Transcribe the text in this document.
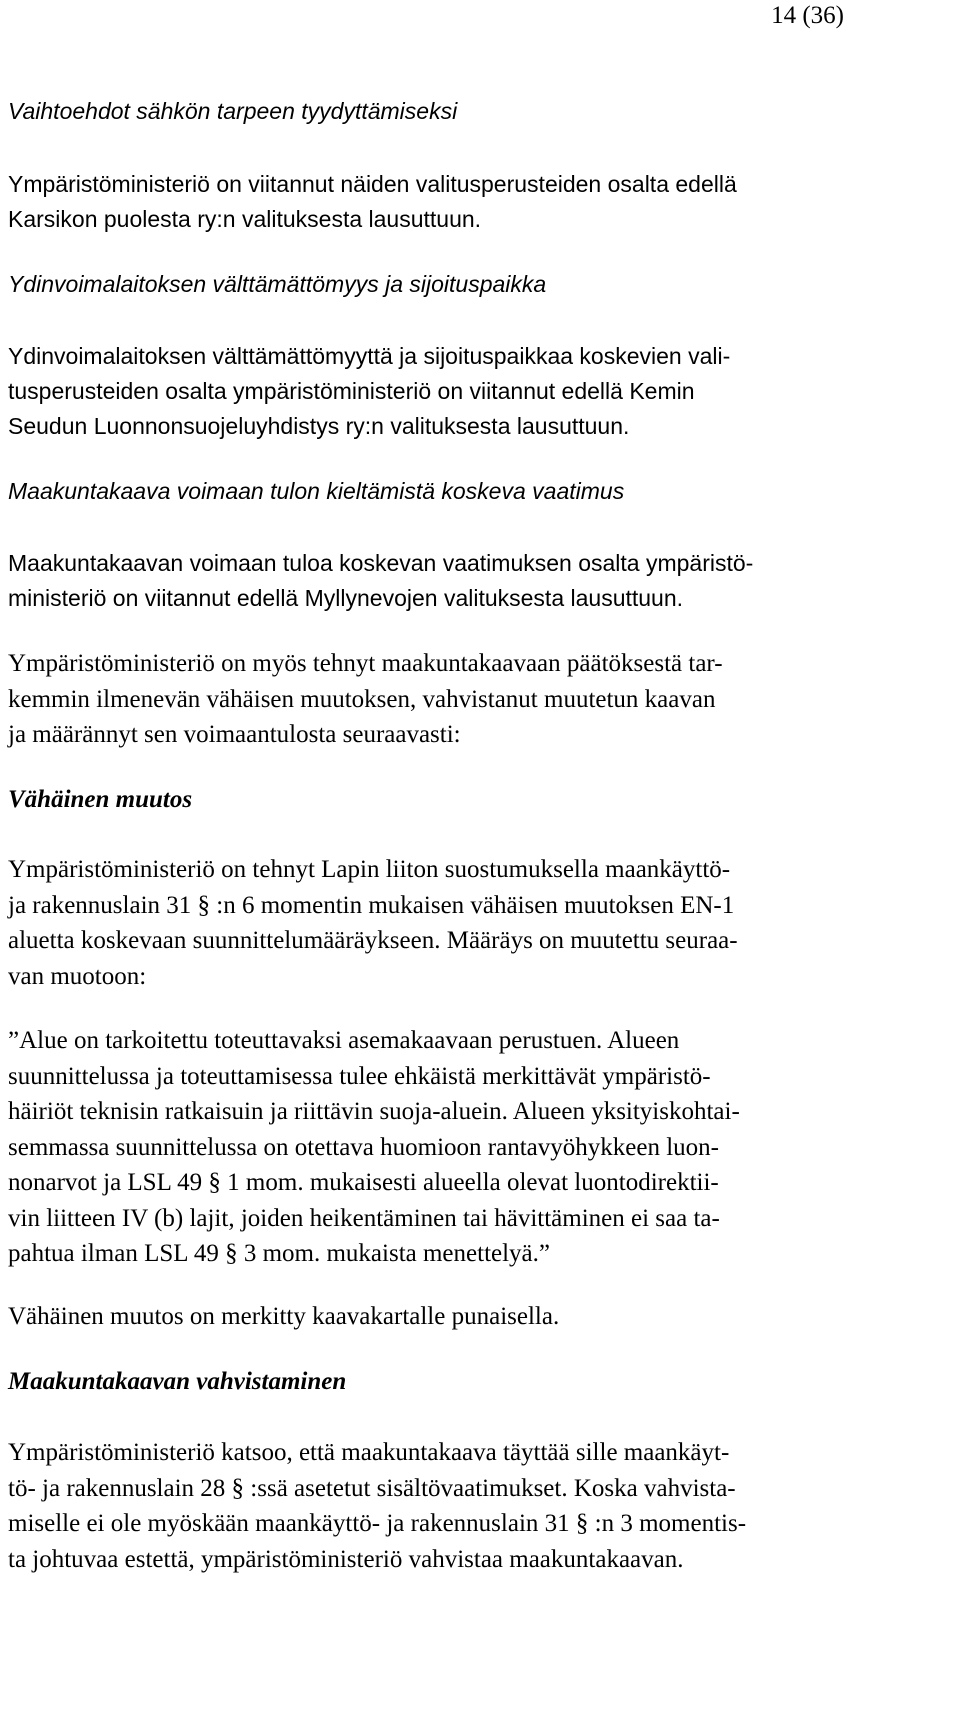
14 (36)
Vaihtoehdot sähkön tarpeen tyydyttämiseksi
Ympäristöministeriö on viitannut näiden valitusperusteiden osalta edellä
Karsikon puolesta ry:n valituksesta lausuttuun.
Ydinvoimalaitoksen välttämättömyys ja sijoituspaikka
Ydinvoimalaitoksen välttämättömyyttä ja sijoituspaikkaa koskevien vali-
tusperusteiden osalta ympäristöministeriö on viitannut edellä Kemin
Seudun Luonnonsuojeluyhdistys ry:n valituksesta lausuttuun.
Maakuntakaava voimaan tulon kieltämistä koskeva vaatimus
Maakuntakaavan voimaan tuloa koskevan vaatimuksen osalta ympäristö-
ministeriö on viitannut edellä Myllynevojen valituksesta lausuttuun.
Ympäristöministeriö on myös tehnyt maakuntakaavaan päätöksestä tar-
kemmin ilmenevän vähäisen muutoksen, vahvistanut muutetun kaavan
ja määrännyt sen voimaantulosta seuraavasti:
Vähäinen muutos
Ympäristöministeriö on tehnyt Lapin liiton suostumuksella maankäyttö-
ja rakennuslain 31 § :n 6 momentin mukaisen vähäisen muutoksen EN-1
aluetta koskevaan suunnittelumääräykseen. Määräys on muutettu seuraa-
van muotoon:
”Alue on tarkoitettu toteuttavaksi asemakaavaan perustuen. Alueen
suunnittelussa ja toteuttamisessa tulee ehkäistä merkittävät ympäristö-
häiriöt teknisin ratkaisuin ja riittävin suoja-aluein. Alueen yksityiskohtai-
semmassa suunnittelussa on otettava huomioon rantavyöhykkeen luon-
nonarvot ja LSL 49 § 1 mom. mukaisesti alueella olevat luontodirektii-
vin liitteen IV (b) lajit, joiden heikentäminen tai hävittäminen ei saa ta-
pahtua ilman LSL 49 § 3 mom. mukaista menettelyä.”
Vähäinen muutos on merkitty kaavakartalle punaisella.
Maakuntakaavan vahvistaminen
Ympäristöministeriö katsoo, että maakuntakaava täyttää sille maankäyt-
tö- ja rakennuslain 28 § :ssä asetetut sisältövaatimukset. Koska vahvista-
miselle ei ole myöskään maankäyttö- ja rakennuslain 31 § :n 3 momentis-
ta johtuvaa estettä, ympäristöministeriö vahvistaa maakuntakaavan.
